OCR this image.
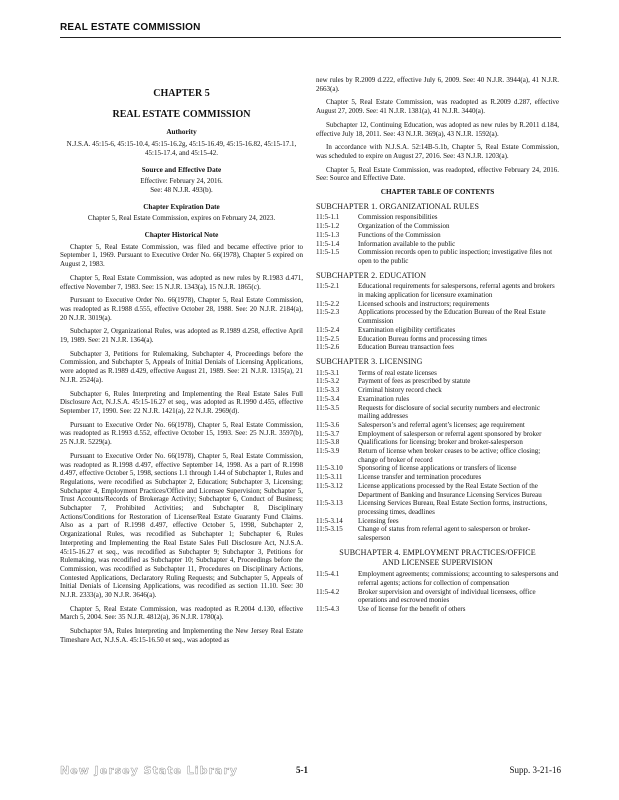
REAL ESTATE COMMISSION
CHAPTER 5
REAL ESTATE COMMISSION
Authority

N.J.S.A. 45:15-6, 45:15-10.4, 45:15-16.2g, 45:15-16.49, 45:15-16.82, 45:15-17.1, 45:15-17.4, and 45:15-42.

Source and Effective Date

Effective: February 24, 2016.

See: 48 N.J.R. 493(b).

Chapter Expiration Date

Chapter 5, Real Estate Commission, expires on February 24, 2023.

Chapter Historical Note

Chapter 5, Real Estate Commission, was filed and became effective prior to September 1, 1969. Pursuant to Executive Order No. 66(1978), Chapter 5 expired on August 2, 1983.

Chapter 5, Real Estate Commission, was adopted as new rules by R.1983 d.471, effective November 7, 1983. See: 15 N.J.R. 1343(a), 15 N.J.R. 1865(c).

Pursuant to Executive Order No. 66(1978), Chapter 5, Real Estate Commission, was readopted as R.1988 d.555, effective October 28, 1988. See: 20 N.J.R. 2184(a), 20 N.J.R. 3019(a).

Subchapter 2, Organizational Rules, was adopted as R.1989 d.258, effective April 19, 1989. See: 21 N.J.R. 1364(a).

Subchapter 3, Petitions for Rulemaking, Subchapter 4, Proceedings before the Commission, and Subchapter 5, Appeals of Initial Denials of Licensing Applications, were adopted as R.1989 d.429, effective August 21, 1989. See: 21 N.J.R. 1315(a), 21 N.J.R. 2524(a).

Subchapter 6, Rules Interpreting and Implementing the Real Estate Sales Full Disclosure Act, N.J.S.A. 45:15-16.27 et seq., was adopted as R.1990 d.455, effective September 17, 1990. See: 22 N.J.R. 1421(a), 22 N.J.R. 2969(d).

Pursuant to Executive Order No. 66(1978), Chapter 5, Real Estate Commission, was readopted as R.1993 d.552, effective October 15, 1993. See: 25 N.J.R. 3597(b), 25 N.J.R. 5229(a).

Pursuant to Executive Order No. 66(1978), Chapter 5, Real Estate Commission, was readopted as R.1998 d.497, effective September 14, 1998. As a part of R.1998 d.497, effective October 5, 1998, sections 1.1 through 1.44 of Subchapter 1, Rules and Regulations, were recodified as Subchapter 2, Education; Subchapter 3, Licensing; Subchapter 4, Employment Practices/Office and Licensee Supervision; Subchapter 5, Trust Accounts/Records of Brokerage Activity; Subchapter 6, Conduct of Business; Subchapter 7, Prohibited Activities; and Subchapter 8, Disciplinary Actions/Conditions for Restoration of License/Real Estate Guaranty Fund Claims. Also as a part of R.1998 d.497, effective October 5, 1998, Subchapter 2, Organizational Rules, was recodified as Subchapter 1; Subchapter 6, Rules Interpreting and Implementing the Real Estate Sales Full Disclosure Act, N.J.S.A. 45:15-16.27 et seq., was recodified as Subchapter 9; Subchapter 3, Petitions for Rulemaking, was recodified as Subchapter 10; Subchapter 4, Proceedings before the Commission, was recodified as Subchapter 11, Procedures on Disciplinary Actions, Contested Applications, Declaratory Ruling Requests; and Subchapter 5, Appeals of Initial Denials of Licensing Applications, was recodified as section 11.10. See: 30 N.J.R. 2333(a), 30 N.J.R. 3646(a).

Chapter 5, Real Estate Commission, was readopted as R.2004 d.130, effective March 5, 2004. See: 35 N.J.R. 4812(a), 36 N.J.R. 1780(a).

Subchapter 9A, Rules Interpreting and Implementing the New Jersey Real Estate Timeshare Act, N.J.S.A. 45:15-16.50 et seq., was adopted as

new rules by R.2009 d.222, effective July 6, 2009. See: 40 N.J.R. 3944(a), 41 N.J.R. 2663(a).

Chapter 5, Real Estate Commission, was readopted as R.2009 d.287, effective August 27, 2009. See: 41 N.J.R. 1381(a), 41 N.J.R. 3440(a).

Subchapter 12, Continuing Education, was adopted as new rules by R.2011 d.184, effective July 18, 2011. See: 43 N.J.R. 369(a), 43 N.J.R. 1592(a).

In accordance with N.J.S.A. 52:14B-5.1b, Chapter 5, Real Estate Commission, was scheduled to expire on August 27, 2016. See: 43 N.J.R. 1203(a).

Chapter 5, Real Estate Commission, was readopted, effective February 24, 2016. See: Source and Effective Date.

CHAPTER TABLE OF CONTENTS
SUBCHAPTER 1. ORGANIZATIONAL RULES
11:5-1.1	Commission responsibilities
11:5-1.2	Organization of the Commission
11:5-1.3	Functions of the Commission
11:5-1.4	Information available to the public
11:5-1.5	Commission records open to public inspection; investigative files not open to the public
SUBCHAPTER 2. EDUCATION
11:5-2.1	Educational requirements for salespersons, referral agents and brokers in making application for licensure examination
11:5-2.2	Licensed schools and instructors; requirements
11:5-2.3	Applications processed by the Education Bureau of the Real Estate Commission
11:5-2.4	Examination eligibility certificates
11:5-2.5	Education Bureau forms and processing times
11:5-2.6	Education Bureau transaction fees
SUBCHAPTER 3. LICENSING
11:5-3.1	Terms of real estate licenses
11:5-3.2	Payment of fees as prescribed by statute
11:5-3.3	Criminal history record check
11:5-3.4	Examination rules
11:5-3.5	Requests for disclosure of social security numbers and electronic mailing addresses
11:5-3.6	Salesperson’s and referral agent’s licenses; age requirement
11:5-3.7	Employment of salesperson or referral agent sponsored by broker
11:5-3.8	Qualifications for licensing; broker and broker-salesperson
11:5-3.9	Return of license when broker ceases to be active; office closing; change of broker of record
11:5-3.10	Sponsoring of license applications or transfers of license
11:5-3.11	License transfer and termination procedures
11:5-3.12	License applications processed by the Real Estate Section of the Department of Banking and Insurance Licensing Services Bureau
11:5-3.13	Licensing Services Bureau, Real Estate Section forms, instructions, processing times, deadlines
11:5-3.14	Licensing fees
11:5-3.15	Change of status from referral agent to salesperson or broker-salesperson
SUBCHAPTER 4. EMPLOYMENT PRACTICES/OFFICE
AND LICENSEE SUPERVISION
11:5-4.1	Employment agreements; commissions; accounting to salespersons and referral agents; actions for collection of compensation
11:5-4.2	Broker supervision and oversight of individual licensees, office operations and escrowed monies
11:5-4.3	Use of license for the benefit of others
New Jersey State Library	5-1	Supp. 3-21-16
